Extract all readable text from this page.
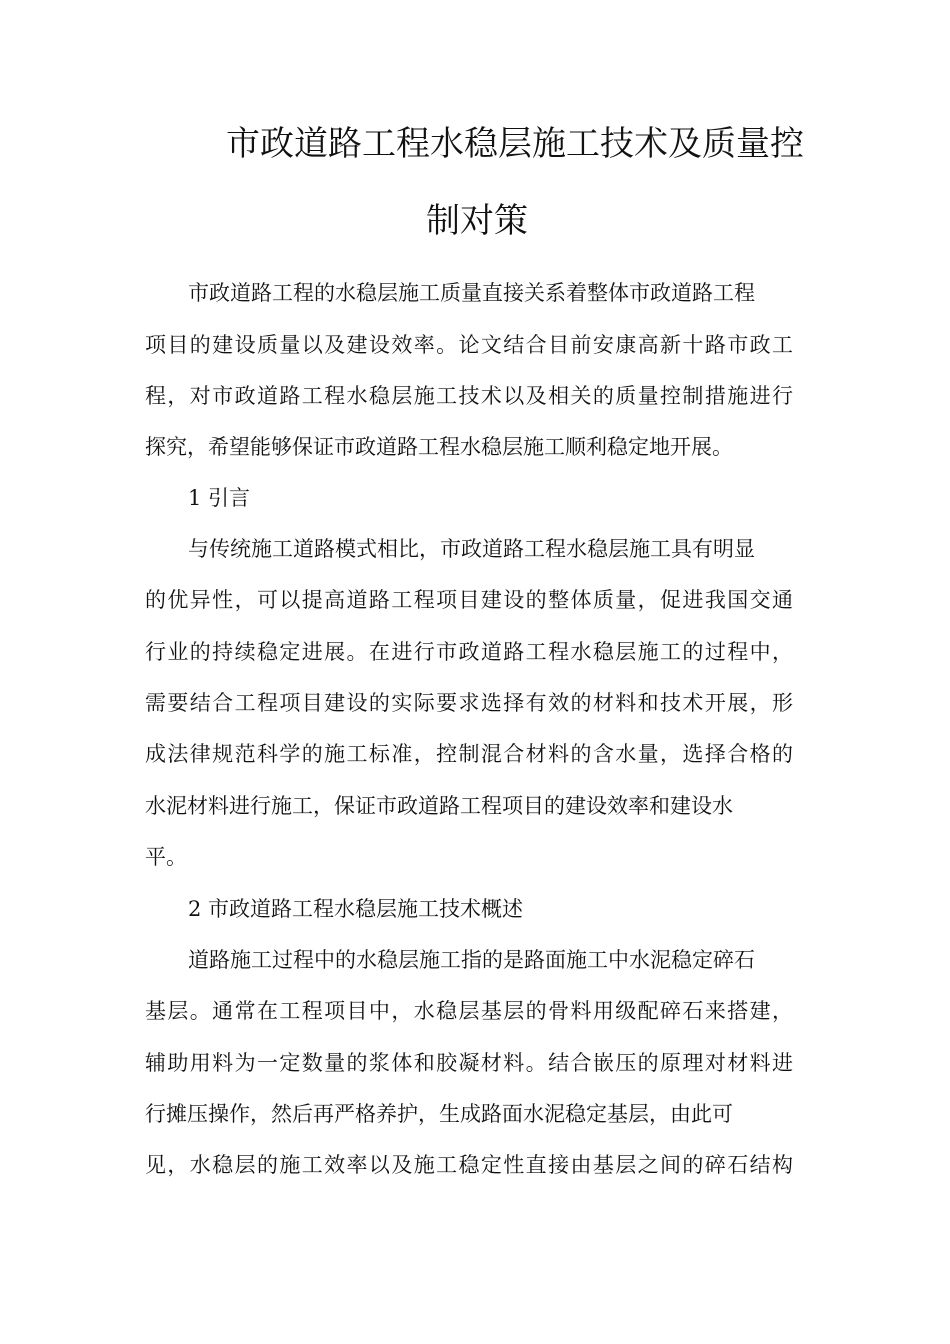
市政道路工程水稳层施工技术及质量控
制对策
市政道路工程的水稳层施工质量直接关系着整体市政道路工程
项目的建设质量以及建设效率。论文结合目前安康高新十路市政工
程，对市政道路工程水稳层施工技术以及相关的质量控制措施进行
探究，希望能够保证市政道路工程水稳层施工顺利稳定地开展。
1 引言
与传统施工道路模式相比，市政道路工程水稳层施工具有明显
的优异性，可以提高道路工程项目建设的整体质量，促进我国交通
行业的持续稳定进展。在进行市政道路工程水稳层施工的过程中，
需要结合工程项目建设的实际要求选择有效的材料和技术开展，形
成法律规范科学的施工标准，控制混合材料的含水量，选择合格的
水泥材料进行施工，保证市政道路工程项目的建设效率和建设水
平。
2 市政道路工程水稳层施工技术概述
道路施工过程中的水稳层施工指的是路面施工中水泥稳定碎石
基层。通常在工程项目中，水稳层基层的骨料用级配碎石来搭建，
辅助用料为一定数量的浆体和胶凝材料。结合嵌压的原理对材料进
行摊压操作，然后再严格养护，生成路面水泥稳定基层，由此可
见，水稳层的施工效率以及施工稳定性直接由基层之间的碎石结构
